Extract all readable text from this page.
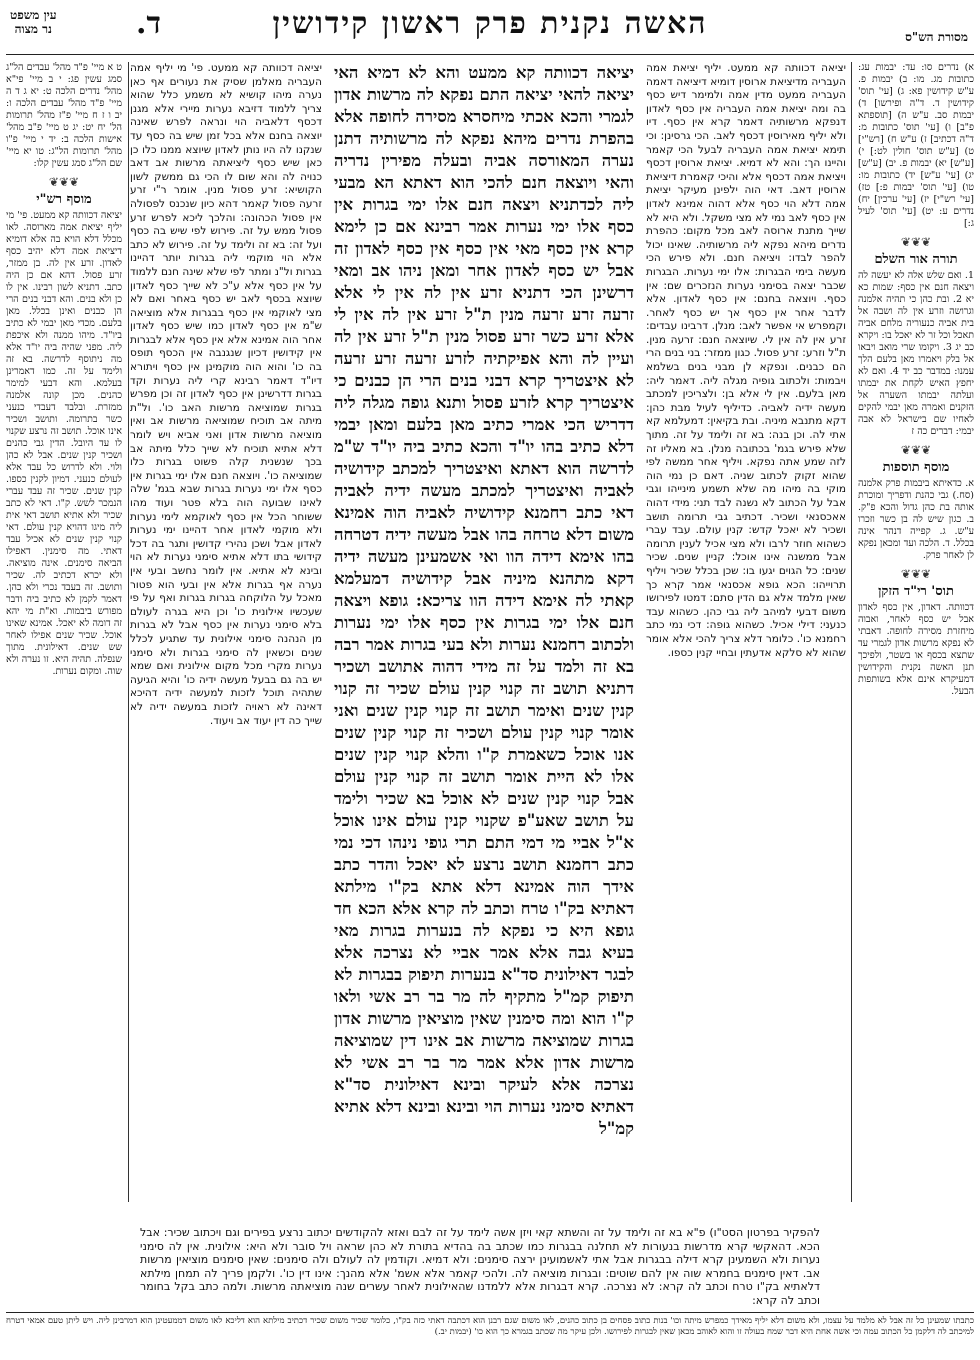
עין משפט
נר מצוה	ד.	האשה נקנית פרק ראשון קידושין	מסורת הש"ס

א) נדרים סו: עד: יבמות עג: כתובות מג. מו: ב) יבמות פ. ע"ש קידושין פא: ג) [עי' תוס' קידושין ד. ד"ה ופירשו] ד) יבמות סב. ע"ש ה) [תוספתא פ"ב] ו) [עי' תוס' כתובות מ: ד"ה דכתיב] ז) ע"ש ח) [רש"י] ט) [ע"ש תוס' חולין לט:] י) [ע"ש] יא) יבמות פ. יב) [ע"ש] יג) [עי' ע"ש] יד) כתובות מו: טו) [עי' תוס' יבמות פ:] טז) [עי' רש"י] יז) [עי' ערכין] יח) נדרים ע: יט) [עי' תוס' לעיל ג:]

❦❦❦
תורה אור השלם

1. ואם שלש אלה לא יעשה לה ויצאה חנם אין כסף: שמות כא יא 2. ובת כהן כי תהיה אלמנה וגרושה וזרע אין לה ושבה אל בית אביה כנעוריה מלחם אביה תאכל וכל זר לא יאכל בו: ויקרא כב יג 3. ויקומו שרי מואב ויבאו אל בלק ויאמרו מאן בלעם הלך עמנו: במדבר כב יד 4. ואם לא יחפץ האיש לקחת את יבמתו ועלתה יבמתו השערה אל הזקנים ואמרה מאן יבמי להקים לאחיו שם בישראל לא אבה יבמי: דברים כה ז

❦❦❦
מוסף תוספות

א. כדאיתא ביבמות פרק אלמנה (סח.) גבי כהנת ודפריך ומוכרת אותה בת כהן גדול והכא פ"ק. ב. כגון שיש לה בן כשר וזכרו ע"ש. ג. קפייה דנהר אינה בכלל. ד. הלכה ועד ומכאן נפקא לן לאחר פרק.

❦❦❦
תוס' רי"ד הזקן

דכוותה. דאדון, אין כסף לאדון אבל יש כסף לאחר, ואבוה מיחזרת מסירה לחופה. דאבתי לא נפקא מרשות אדון לגמרי עד שתצא בכסף או בשטר, ולפיכך תנן האשה נקנית והקידושין דמעיקרא אינם אלא בשותפות הבעל.

יציאה דכוותה קא ממעט. יליף יציאת אמה העבריה מדיציאת ארוסין דומיא דיציאה דאמה העבריה ממעט מדין אמה ולמימר דיש כסף בה ומה יציאת אמה העבריה אין כסף לאדון דנפקא מרשותיה דאמר קרא אין כסף. דיו ולא יליף מאירוסין דכסף לאב. הכי גרסינן: וכי תימא יציאת אמה העבריה לבעל הכי קאמר והיינו הך: והא לא דמיא. יציאת ארוסין דכסף ויציאת אמה דכסף אלא והיכי קאמרת דיציאת ארוסין דאב. דאי הוה ילפינן מעיקר יציאת אמה דלא הוי כסף אלא דהוה אמינא לאדון אין כסף לאב נמי לא מצי משקל. ולא היא לא שייך מתנת ארוסה לאב מכל מקום: כהפרת נדרים מיהא נפקא ליה מרשותיה. שאינו יכול להפר לבדו: ויציאה חנם. ולא פירש הכי מעשה בימי הבגרות: אלו ימי נערות. הבגרות שכבר יצאה בסימני נערות הנזכרים שם: אין כסף. ויוצאה בחנם: אין כסף לאדון. אלא לדבר אחר אין כסף אך יש כסף לאחר. וקמפרש אי אפשר לאב: מנלן. דרבינו עבדים: זרע אין לה אין לי. שיוצאה חנם: זרעה מנין. ת"ל וזרע: זרע פסול. כגון ממזר: בני בנים הרי הם כבנים. ונפקא לן מבני בנים בשלמא ויבמות: ולכתוב גופיה מגלה ליה. דאמר ליה: מאן בלעם. אין לי אלא בן: ולצריכין למכתב מעשה ידיה לאביה. כדיליף לעיל מבת כהן: דקא מתנבא מיניה. ובת בקיאין: דמעלמא קא אתי לה. וכן בנה: בא זה ולימד על זה. מתוך שלא פירש בגמ' בכתובה מנלן. בא מאליו זה לזה שמע אתה נפקא. ויליף אחר ממשה לפי שהוא זקוק לכתוב שניה. דאם כן נמי הוה מוקי בה מיהו מה שלא תשמע מינייהו וגבי אבל על הכתוב לא נשנה לבד תני: מידי דהוה אאכסנאי ושכיר. דכתיב גבי תרומה תושב ושכיר לא יאכל קדש: קנין עולם. עבד עברי כשהוא חוזר לרבו ולא מצי אכיל לענין תרומה אבל ממשנה אינו אוכל: קניין שנים. שכיר שנים: כל הגוים יגעו בו: שכן בכלל שכיר ויליף תרוייהו: הכא גופא אכסנאי אמר קרא כך שאין מלמד אלא גם הדין סתם: דמטו לפירושו משום דבעי למיהב ליה גבי כהן. כשהוא עבד כנעני: דילי אכיל. כשהוא גופה: דכי נמי כתב רחמנא כו'. כלומר דלא צריך להכי אלא אומר שהוא לא סלקא אדעתין ובחיי קנין כספו.

יציאה דכוותה קא ממעט והא לא דמיא האי יציאה להאי יציאה התם נפקא לה מרשות אדון לגמרי והכא אכתי מיחסרא מסירה לחופה אלא בהפרת נדרים מיהא נפקא לה מרשותיה דתנן נערה המאורסה אביה ובעלה מפירין נדריה והאי ויוצאה חנם להכי הוא דאתא הא מבעי ליה לכדתניא ויצאה חנם אלו ימי בגרות אין כסף אלו ימי נערות אמר רבינא אם כן לימא קרא אין כסף מאי אין כסף אין כסף לאדון זה אבל יש כסף לאדון אחר ומאן ניהו אב ומאי דרשינן הכי דתניא זרע אין לה אין לי אלא זרעה זרע זרעה מנין ת"ל זרע אין לה אין לי אלא זרע כשר זרע פסול מנין ת"ל זרע אין לה ועיין לה והא אפיקתיה לזרע זרעה זרע זרעה לא איצטריך קרא דבני בנים הרי הן כבנים כי איצטריך קרא לזרע פסול ותנא גופה מגלה ליה דדריש הכי אמרי כתיב מאן בלעם ומאן יבמי דלא כתיב בהו יו"ד והכא כתיב ביה יו"ד ש"מ לדרשה הוא דאתא ואיצטריך למכתב קידושיה לאביה ואיצטריך למכתב מעשה ידיה לאביה דאי כתב רחמנא קידושיה לאביה הוה אמינא משום דלא טרחה בהו אבל מעשה ידיה דטרחה בהו אימא דידה הוו ואי אשמעינן מעשה ידיה דקא מתהנא מיניה אבל קידושיה דמעלמא קאתי לה אימא דידה הוו צריכא: גופא ויצאה חנם אלו ימי בגרות אין כסף אלו ימי נערות ולכתוב רחמנא נערות ולא בעי בגרות אמר רבה בא זה ולמד על זה מידי דהוה אתושב ושכיר דתניא תושב זה קנוי קנין עולם שכיר זה קנוי קנין שנים ואימר תושב זה קנוי קנין שנים ואני אומר קנוי קנין עולם ושכיר זה קנוי קנין שנים אנו אוכל כשאמרת ק"ו והלא קנוי קנין שנים אלו לא היית אומר תושב זה קנוי קנין עולם אבל קנוי קנין שנים לא אוכל בא שכיר ולימד על תושב שאע"פ שקנוי קנין עולם אינו אוכל א"ל אביי מי דמי התם תרי גופי נינהו דכי נמי כתב רחמנא תושב נרצע לא יאכל והדר כתב אידך הוה אמינא דלא אתא בק"ו מילתא דאתיא בק"ו טרח וכתב לה קרא אלא הכא חד גופא היא כי נפקא לה בנערות בגרות מאי בעיא גבה אלא אמר אביי לא נצרכה אלא לבגר דאילונית סד"א בנערות תיפוק בבגרות לא תיפוק קמ"ל מתקיף לה מר בר רב אשי ולאו ק"ו הוא ומה סימנין שאין מוציאין מרשות אדון בגרות שמוציאה מרשות אב אינו דין שמוציאה מרשות אדון אלא אמר מר בר רב אשי לא נצרכה אלא לעיקר ובינא דאילונית סד"א דאתיא סימני נערות הוי ובינא ובינא דלא אתיא קמ"ל

יציאה דכוותה קא ממעט. פי' מי יליף אמה העבריה מאלמן שסיק את נעורים אף כאן נערה מיהו קושיא לא משמע כלל שהוא צריך ללמוד דזיבא נערות מיירי אלא מגנן דכסף דלאביה הוי ונראה לפרש שאינה יוצאה בחנם אלא בכל זמן שיש בה כסף עד שנקנו לה היו נותן לאדון שיוצא ממנו כלו כן כאן שיש כסף ליציאתה מרשות אב דאב כנויה לה והא שום לו הכי גם ממשק לשון הקושיא: זרע פסול מנין. אומר ר"י זרע זרעה פסול קאמר דהא כיון שנכנס לפסולה אין פסול הכהונה: והלכך ליכא לפרש זרע פסול ממש על זה. פירוש לפי שיש בה כסף ועל זה: בא זה ולימד על זה. פירוש לא כתב אלא הוי מוקמי ליה בגרות יותר דהיינו בגרות ול"נ ומתר לפי שלא שינה חנם ללמוד על אין כסף אלא ע"כ לא שייך כסף לאדון שיוצא בכסף לאב יש כסף באחר ואם לא מצי לאוקמי אין כסף בבגרות אלא מוציאה ש"מ אין כסף לאדון כמו שיש כסף לאדון אחר הוה אמינא אלא אין כסף אלא לבגרות אין קידושין דכיון שנגנבה אין הכסף תופס בה כו' והוא הוה מוקמינן אין כסף ויתורא דיו"ד דאמר רבינא קרי ליה נערות וקד בגרות דדרשינן אין כסף לאדון זה וכן מפרש בגרות שמוציאה מרשות האב כו'. ול"ת מיתה אב תוכיח שמוציאה מרשות אב ואין מוציאה מרשות אדון ואני אביא ויש לומר דלא אתיא תוכיח לא שייך כלל מיתה אב בכך שנשנית קלה פשוט בגרות כלו שמוציאה כו'. ויוצאה חנם אלו ימי בגרות אין כסף אלו ימי נערות בגרות שבא בגמ' שלה לאינו שבועה הוה בלא פטר ועוד מהו ששוחר הכל אין כסף לאוקמא לימי נערות ולא מוקמי לאדון אחר דהיינו ימי נערות לאדון אבל ושכן נהירי קדושין ותגר בה דכל קידושי בתו דלא אתיא סימני נערות לא הוי ובינא לא אתיא. אין לומר נחשב ובעי אין נערה אף בגרות אלא אין ובעי הוא פטור מאכל על הלוקחה בגרות בגרות ואף על פי שעכשיו אילונית כו' וכן היא בגרה לעולם בלא סימני נערות אין כסף אבל לא בגרות מן הנהנה סימני אילונית עד שתגיע לכלל שנים וכשאין לה סימני בגרות ולא סימני נערות מקרי מכל מקום אילונית ואם שמא יש בה גם בבעל מעשה ידיה כו' והיא הגיעה שתהיה תוכל לזכות למעשה ידיה דהיכא דאינה לא ראויה לזכות במעשה ידיה לא שייך כה דין יעוד אב ויעוד.

ט א מיי' פ"ד מהל' עבדים הל"ג סמג עשין פג: י ב מיי' פי"א מהל' נדרים הלכה ט: יא ג ד ה מיי' פ"ד מהל' עבדים הלכה ו: יב ו ז ח מיי' פ"ז מהל' תרומות הל' יח יט: יג ט מיי' פ"ב מהל' אישות הלכה ב: יד י מיי' פ"ו מהל' תרומות הל"ג: טו יא מיי' שם הל"ג סמג עשין קלו:

❦❦❦
מוסף רש"י

יציאה דכוותה קא ממעט. פי' מי יליף יציאת אמה מארוסה. לאו מכלל דלא הויא בה אלא דומיא דיציאת אמה דלא יהיב כסף לאדון. זרע אין לה. בן ממזר, זרע פסול. דהא אם כן היה כתב. דתניא לשון רבינו. אין לו כן ולא בנים. והא דבני בנים הרי הן כבנים ואינן בכלל. מאן בלעם. מכדי מאן יבמי לא כתיב ביו"ד. מיהו ממנה ולא איכפת ליה. מפני שהיה ביה יו"ד אלא מה ניתוסף לדרשה. בא זה ולימד על זה. כמו דאמרינן בעלמא. והא דבעי למימר כהנים. מכן קונה אלמנה ממזרת. ובלבד דעבדי כנעני כשר בתרומה. ותושב ושכיר אינו אוכל. תושב זה נרצע שקנוי לו עד היובל. הדין גבי כהנים ושכיר קנין שנים. אבל לא כהן ולוי. ולא לדרוש כל עבד אלא לעולם כנעני. דמיון לקנין כספו. קנין שנים. שכיר זה עבד עברי הנמכר לשש. ק"ו. דאי לא כתב שכיר ולא אתיא תושב דאי אית ליה מיגו דהויא קנין עולם. דאי קנוי קנין שנים לא אכיל עבד דאתי. מה סימנין. דאפילו הביאה סימנים. אינה מוציאה. ולא יכרא דכתיב לה. שכיר ותושב. זה בעבד נכרי ולא כהן. דאמר לקמן לא כתיב ביה ודבר מפורש ביבמות. וא"ת מי יהא זה דומה לא יאכל. אמינא שאינו אוכל. שכיר שנים אפילו לאחר שש שנים. דאילונית. מתוך שנפלה. תהיה היא. זו נערה ולא שוה. ומקום נערות.

להפקיר בפרטון הסט"ו) פ"א בא זה ולימד על זה והשתא קאי ויזן אשה לימד על זה לבם ואזא להקודשים יכתוב נרצע בפירים וגם ויכתוב שכיר: אבל הכא. דהאקשי קרא מדרשות בנעורות לא תחלנה בבגרות כמו שכתב בה בהדיא בתורת לא כהן שראה ויל סובר ולא היא: אילונית. אין לה סימני נערות ולא השמעינן קרא דילה בבגרות אבל אתי לאשמועינן ירצה סימנים: ולא דמיא. וקודמין לה לעולם ולה סימנים: שאין סימנים מוציאין מרשות אב. דאין סימנים בחמרא שוה אין להם שוטים: ובגרות מוציאה לה. ולהכי קאמר אלא אשמ' אלא מהנך: אינו דין כו'. ולקמן פריך לה תמחן מילתא דלאתיא בק"ו טרח וכתב לה קרא: לא נצרכה. קרא דבגרות אלא ללמדנו שהאילונית לאחר עשרים שנה מוציאתה מרשות. ולמה כתב בקל בחומר וכתב לה קרא:

כתבתו שמעינן כל זה אבל לא מלמד על עצמו, ולא משום דלא יליף מאידך כמפרש מיתה וכו' בנות כתוב פסחים בן כתוב כהנים, לאו משום שגם רבנן הוא דכתבה דאתי כזה בק"ו, כלומר שכיר משום שכיר דכתיב מילתא הוא דליכא לאו משום דממעטינן הוא דמרבינן ליה. ויש ליתן טעם אמאי דטרח למיכתב לה דלקמן כל הכתוב עמה וכי אשה אחת היא דבר שמח בעולה זו והוא לאוהב מכאן שאין לבגרות לפירושו. ולכן עיקר מה שכתב בגמרא כך הוא כו' (יבמות יב.)
